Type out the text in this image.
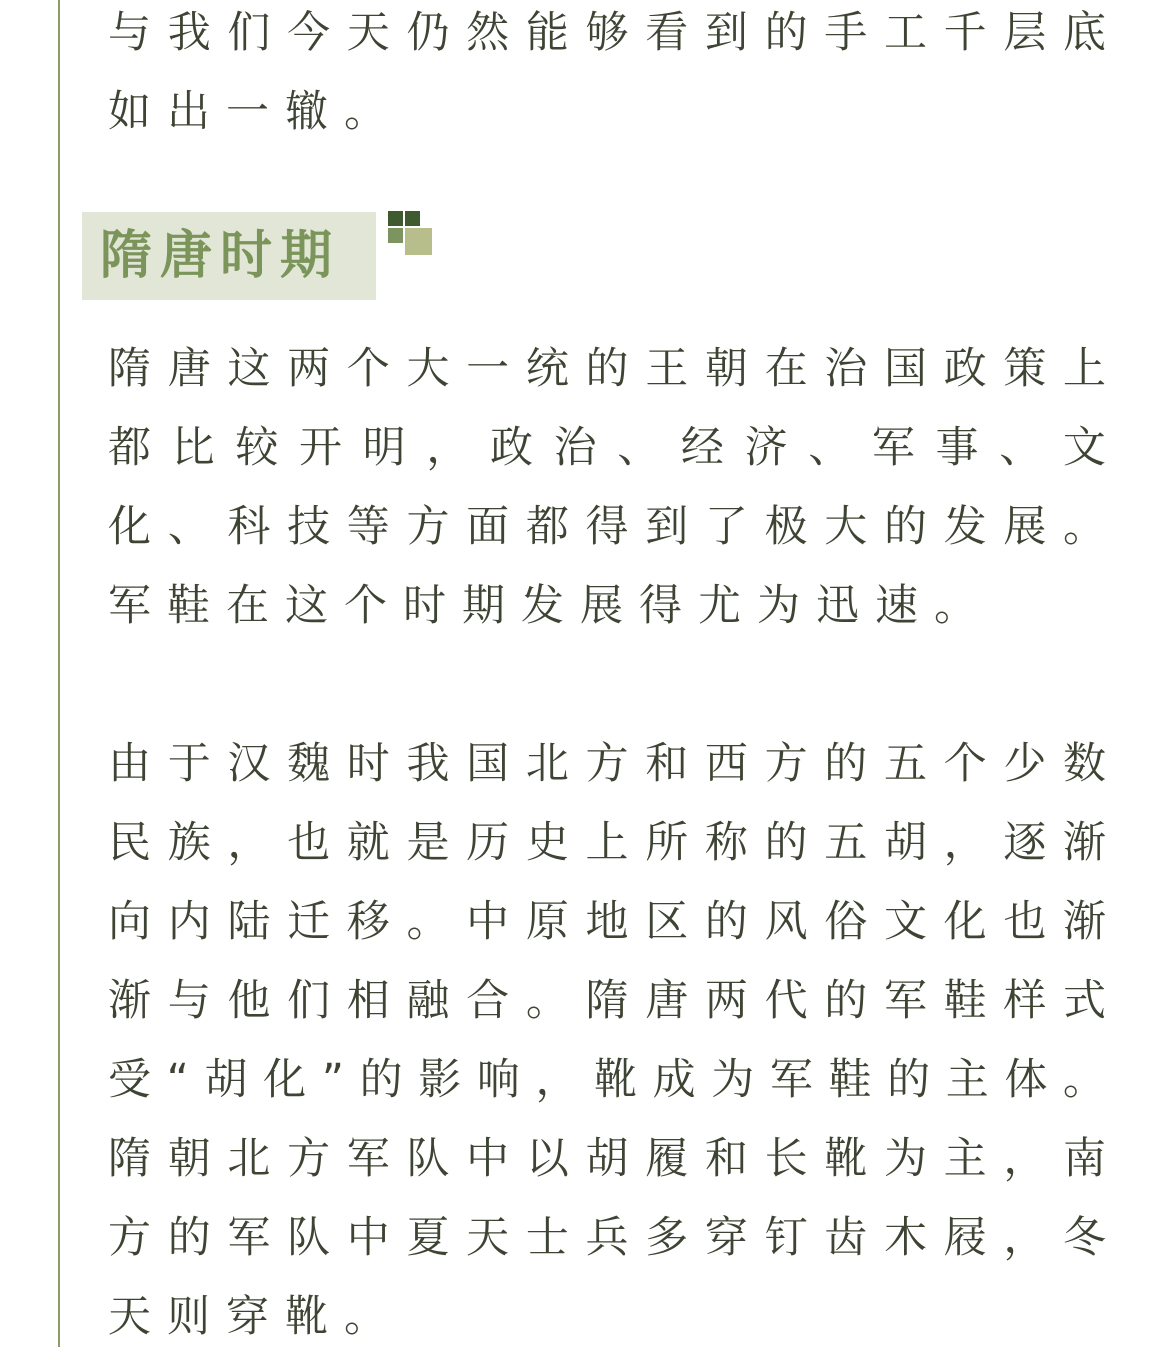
与 我 们 今 天 仍 然 能 够 看 到 的 手 工 千 层 底
如 出 一 辙 。
隋唐时期
隋 唐 这 两 个 大 一 统 的 王 朝 在 治 国 政 策 上
都 比 较 开 明 ， 政 治 、 经 济 、 军 事 、 文
化 、 科 技 等 方 面 都 得 到 了 极 大 的 发 展 。
军 鞋 在 这 个 时 期 发 展 得 尤 为 迅 速 。
由 于 汉 魏 时 我 国 北 方 和 西 方 的 五 个 少 数
民 族 ， 也 就 是 历 史 上 所 称 的 五 胡 ， 逐 渐
向 内 陆 迁 移 。 中 原 地 区 的 风 俗 文 化 也 渐
渐 与 他 们 相 融 合 。 隋 唐 两 代 的 军 鞋 样 式
受 “ 胡 化 ” 的 影 响 ， 靴 成 为 军 鞋 的 主 体 。
隋 朝 北 方 军 队 中 以 胡 履 和 长 靴 为 主 ， 南
方 的 军 队 中 夏 天 士 兵 多 穿 钉 齿 木 屐 ， 冬
天 则 穿 靴 。
